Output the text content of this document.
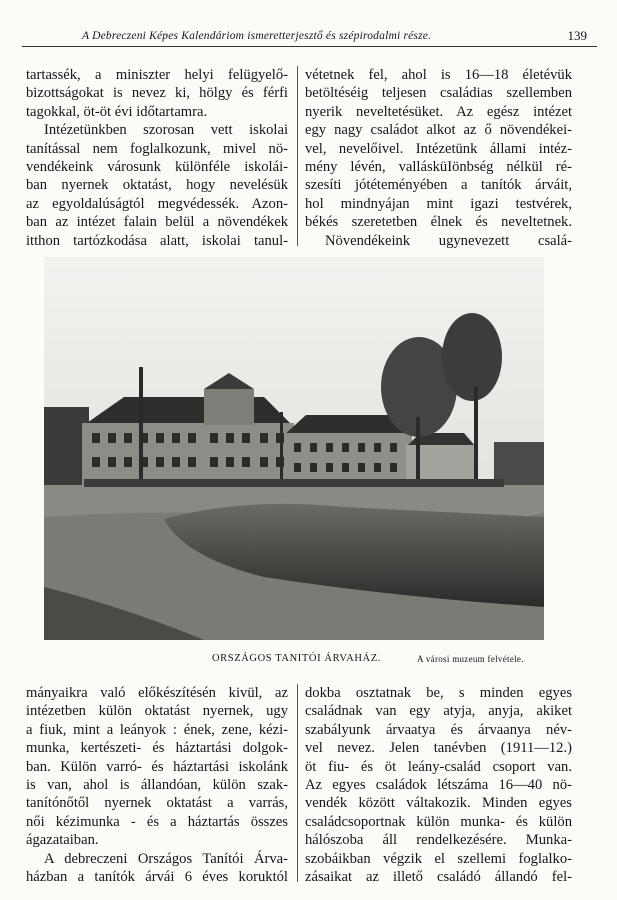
A Debreczeni Képes Kalendáriom ismeretterjesztő és szépirodalmi része.	139
tartassék, a miniszter helyi felügyelő-
bizottságokat is nevez ki, hölgy és férfi
tagokkal, öt-öt évi időtartamra.
Intézetünkben szorosan vett iskolai
tanítással nem foglalkozunk, mivel nö-
vendékeink városunk különféle iskolái-
ban nyernek oktatást, hogy nevelésük
az egyoldalúságtól megvédessék. Azon-
ban az intézet falain belül a növendékek
itthon tartózkodása alatt, iskolai tanul-
vétetnek fel, ahol is 16—18 életévük
betöltéséig teljesen családias szellemben
nyerik neveltetésüket. Az egész intézet
egy nagy családot alkot az ő növendékei-
vel, nevelőivel. Intézetünk állami intéz-
mény lévén, vallásküIönbség nélkül ré-
szesíti jótéteményében a tanítók árváit,
hol mindnyájan mint igazi testvérek,
békés szeretetben élnek és neveltetnek.
Növendékeink ugynevezett csalá-
ORSZÁGOS TANITÓI ÁRVAHÁZ.	A városi muzeum felvétele.
mányaikra való előkészítésén kivül, az
intézetben külön oktatást nyernek, ugy
a fiuk, mint a leányok : ének, zene, kézi-
munka, kertészeti- és háztartási dolgok-
ban. Külön varró- és háztartási iskolánk
is van, ahol is állandóan, külön szak-
tanítónőtől nyernek oktatást a varrás,
női kézimunka - és a háztartás összes
ágazataiban.
A debreczeni Országos Tanítói Árva-
házban a tanítók árvái 6 éves koruktól
dokba osztatnak be, s minden egyes
családnak van egy atyja, anyja, akiket
szabályunk árvaatya és árvaanya név-
vel nevez. Jelen tanévben (1911—12.)
öt fiu- és öt leány-család csoport van.
Az egyes családok létszáma 16—40 nö-
vendék között váltakozik. Minden egyes
családcsoportnak külön munka- és külön
hálószoba áll rendelkezésére. Munka-
szobáikban végzik el szellemi foglalko-
zásaikat az illető családó állandó fel-
